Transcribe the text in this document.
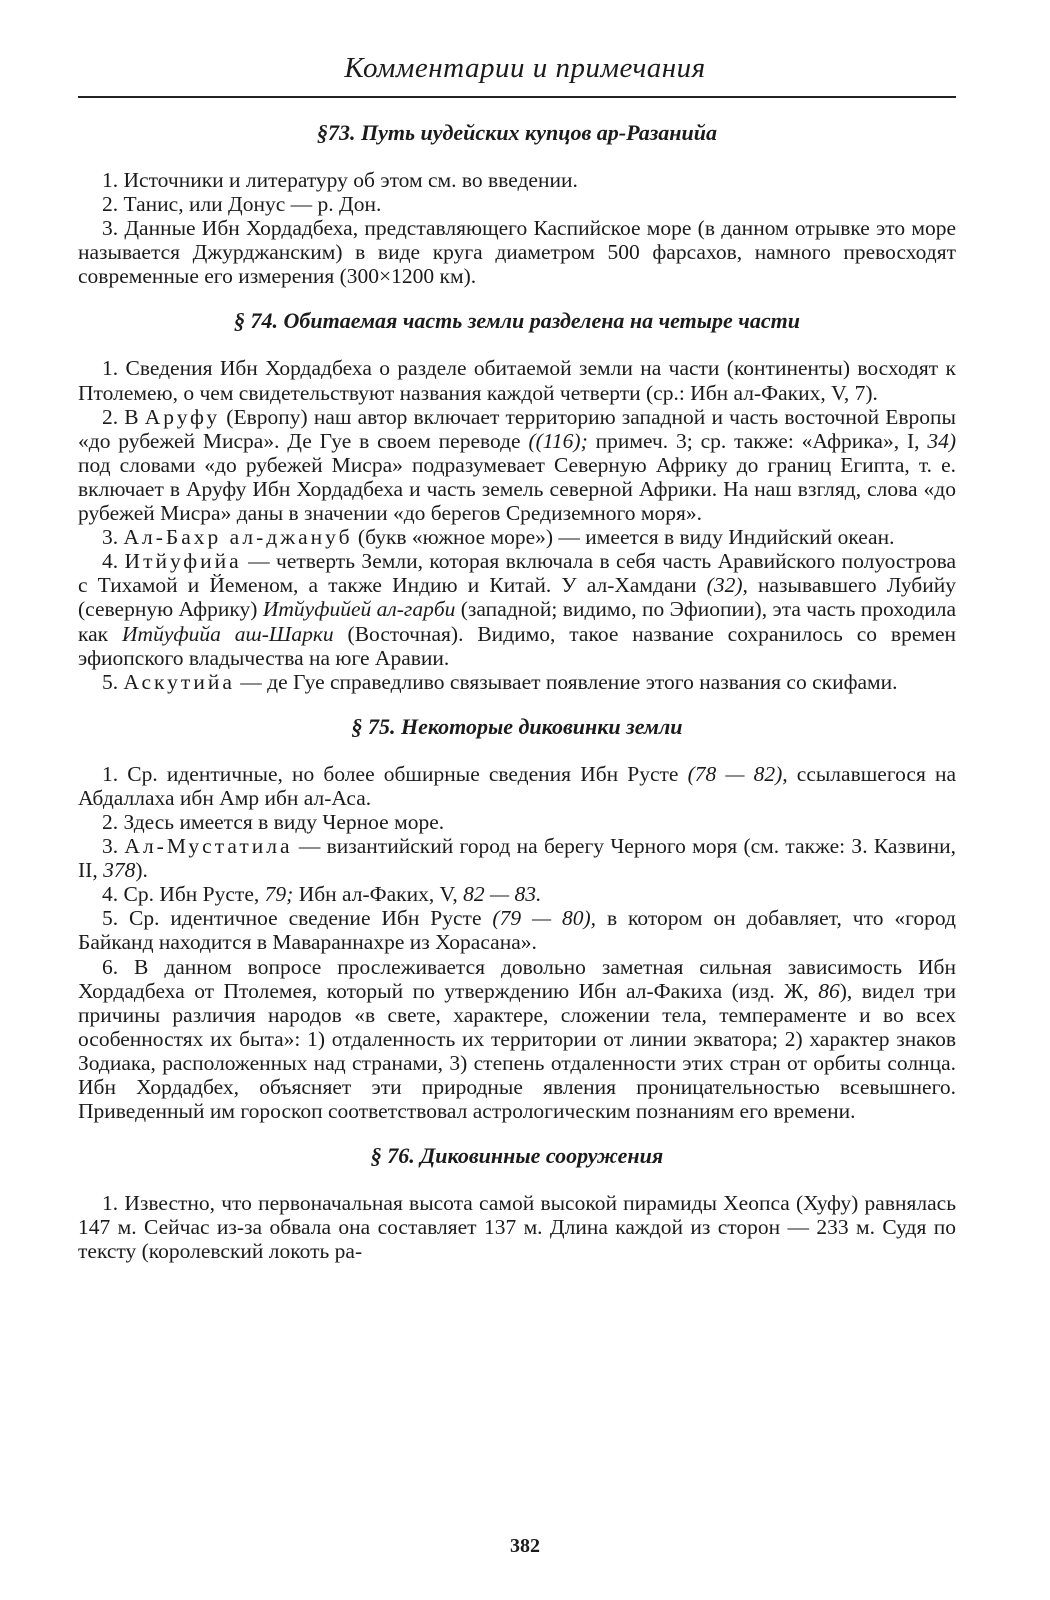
Комментарии и примечания
§73. Путь иудейских купцов ар-Разанийа

1. Источники и литературу об этом см. во введении.

2. Танис, или Донус — р. Дон.

3. Данные Ибн Хордадбеха, представляющего Каспийское море (в данном отрывке это море называется Джурджанским) в виде круга диаметром 500 фарсахов, намного превосходят современные его измерения (300×1200 км).

§ 74. Обитаемая часть земли разделена на четыре части

1. Сведения Ибн Хордадбеха о разделе обитаемой земли на части (континенты) восходят к Птолемею, о чем свидетельствуют названия каждой четверти (ср.: Ибн ал-Факих, V, 7).

2. В Аруфу (Европу) наш автор включает территорию западной и часть восточной Европы «до рубежей Мисра». Де Гуе в своем переводе ((116); примеч. 3; ср. также: «Африка», I, 34) под словами «до рубежей Мисра» подразумевает Северную Африку до границ Египта, т. е. включает в Аруфу Ибн Хордадбеха и часть земель северной Африки. На наш взгляд, слова «до рубежей Мисра» даны в значении «до берегов Средиземного моря».

3. Ал-Бахр ал-джануб (букв «южное море») — имеется в виду Индийский океан.

4. Итйуфийа — четверть Земли, которая включала в себя часть Аравийского полуострова с Тихамой и Йеменом, а также Индию и Китай. У ал-Хамдани (32), называвшего Лубийу (северную Африку) Итйуфийей ал-гарби (западной; видимо, по Эфиопии), эта часть проходила как Итйуфийа аш-Шарки (Восточная). Видимо, такое название сохранилось со времен эфиопского владычества на юге Аравии.

5. Аскутийа — де Гуе справедливо связывает появление этого названия со скифами.

§ 75. Некоторые диковинки земли

1. Ср. идентичные, но более обширные сведения Ибн Русте (78 — 82), ссылавшегося на Абдаллаха ибн Амр ибн ал-Аса.

2. Здесь имеется в виду Черное море.

3. Ал-Мустатила — византийский город на берегу Черного моря (см. также: З. Казвини, II, 378).

4. Ср. Ибн Русте, 79; Ибн ал-Факих, V, 82 — 83.

5. Ср. идентичное сведение Ибн Русте (79 — 80), в котором он добавляет, что «город Байканд находится в Мавараннахре из Хорасана».

6. В данном вопросе прослеживается довольно заметная сильная зависимость Ибн Хордадбеха от Птолемея, который по утверждению Ибн ал-Факиха (изд. Ж, 86), видел три причины различия народов «в свете, характере, сложении тела, темпераменте и во всех особенностях их быта»: 1) отдаленность их территории от линии экватора; 2) характер знаков Зодиака, расположенных над странами, 3) степень отдаленности этих стран от орбиты солнца. Ибн Хордадбех, объясняет эти природные явления проницательностью всевышнего. Приведенный им гороскоп соответствовал астрологическим познаниям его времени.

§ 76. Диковинные сооружения

1. Известно, что первоначальная высота самой высокой пирамиды Хеопса (Хуфу) равнялась 147 м. Сейчас из-за обвала она составляет 137 м. Длина каждой из сторон — 233 м. Судя по тексту (королевский локоть ра-

382
